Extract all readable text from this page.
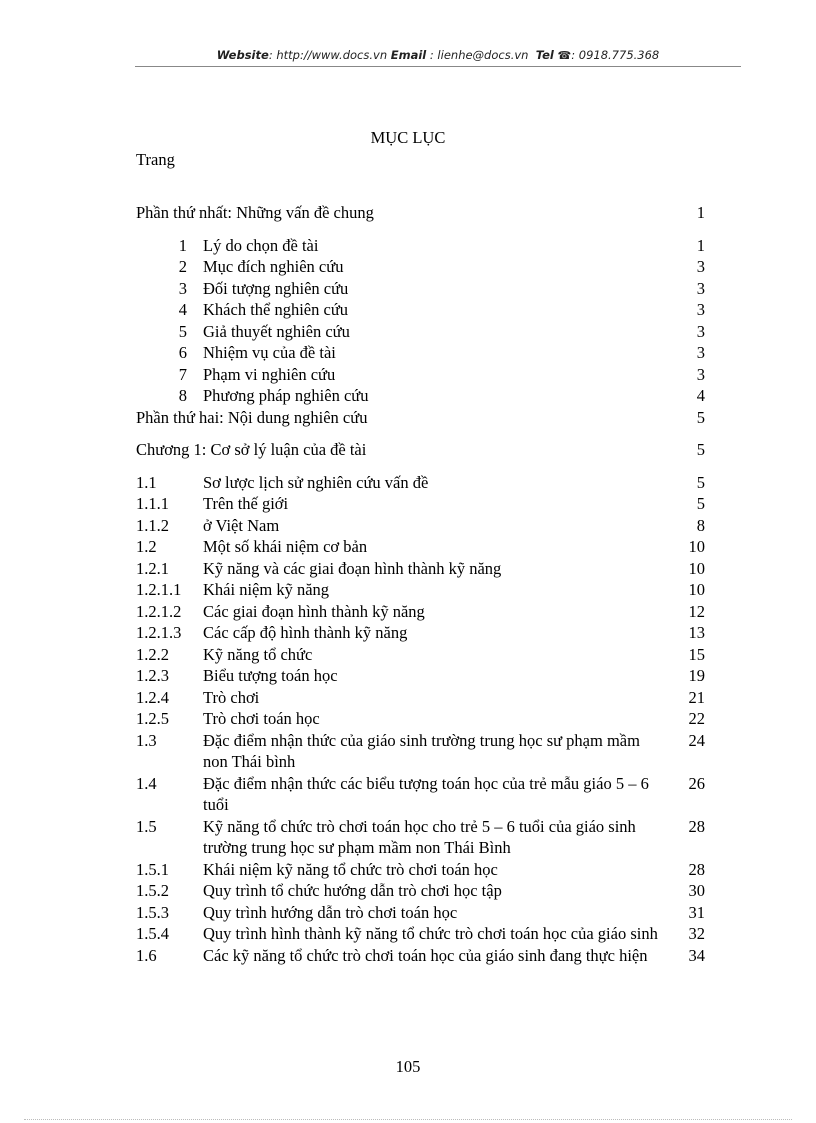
Website: http://www.docs.vn Email : lienhe@docs.vn Tel ☎: 0918.775.368
MỤC LỤC
Trang
Phần thứ nhất: Những vấn đề chung	1
1 Lý do chọn đề tài	1
2 Mục đích nghiên cứu	3
3 Đối tượng nghiên cứu	3
4 Khách thể nghiên cứu	3
5 Giả thuyết nghiên cứu	3
6 Nhiệm vụ của đề tài	3
7 Phạm vi nghiên cứu	3
8 Phương pháp nghiên cứu	4
Phần thứ hai: Nội dung nghiên cứu	5
Chương 1: Cơ sở lý luận của đề tài	5
1.1	Sơ lược lịch sử nghiên cứu vấn đề	5
1.1.1 Trên thế giới	5
1.1.2 ở Việt Nam	8
1.2	Một số khái niệm cơ bản	10
1.2.1 Kỹ năng và các giai đoạn hình thành kỹ năng	10
1.2.1.1 Khái niệm kỹ năng	10
1.2.1.2 Các giai đoạn hình thành kỹ năng	12
1.2.1.3 Các cấp độ hình thành kỹ năng	13
1.2.2 Kỹ năng tổ chức	15
1.2.3 Biểu tượng toán học	19
1.2.4 Trò chơi	21
1.2.5 Trò chơi toán học	22
1.3	Đặc điểm nhận thức của giáo sinh trường trung học sư phạm mầm non Thái bình
24
1.4	Đặc điểm nhận thức các biểu tượng toán học của trẻ mẫu giáo 5 – 6 tuổi
26
1.5	Kỹ năng tổ chức trò chơi toán học cho trẻ 5 – 6 tuổi của giáo sinh trường trung học sư phạm mầm non Thái Bình
28
1.5.1 Khái niệm kỹ năng tổ chức trò chơi toán học	28
1.5.2 Quy trình tổ chức hướng dẫn trò chơi học tập	30
1.5.3 Quy trình hướng dẫn trò chơi toán học	31
1.5.4 Quy trình hình thành kỹ năng tổ chức trò chơi toán học của giáo sinh	32
1.6	Các kỹ năng tổ chức trò chơi toán học của giáo sinh đang thực hiện	34
105
